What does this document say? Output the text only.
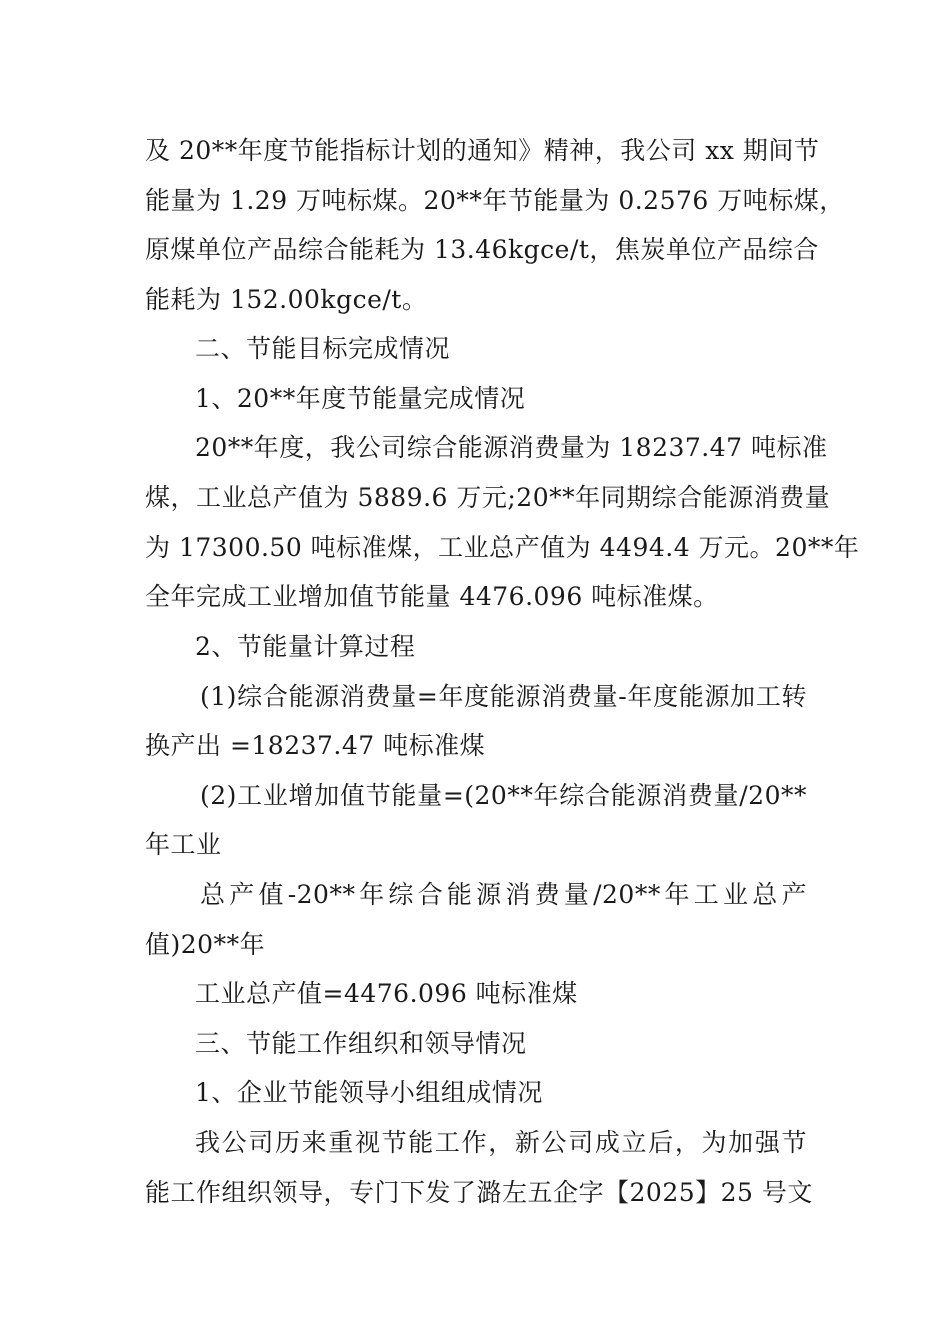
及 20**年度节能指标计划的通知》精神，我公司 xx 期间节
能量为 1.29 万吨标煤。20**年节能量为 0.2576 万吨标煤，
原煤单位产品综合能耗为 13.46kgce/t，焦炭单位产品综合
能耗为 152.00kgce/t。
二、节能目标完成情况
1、20**年度节能量完成情况
20**年度，我公司综合能源消费量为 18237.47 吨标准
煤，工业总产值为 5889.6 万元;20**年同期综合能源消费量
为 17300.50 吨标准煤，工业总产值为 4494.4 万元。20**年
全年完成工业增加值节能量 4476.096 吨标准煤。
2、节能量计算过程
(1)综合能源消费量=年度能源消费量-年度能源加工转
换产出 =18237.47 吨标准煤
(2)工业增加值节能量=(20**年综合能源消费量/20**
年工业
总产值-20**年综合能源消费量/20**年工业总产
值)20**年
工业总产值=4476.096 吨标准煤
三、节能工作组织和领导情况
1、企业节能领导小组组成情况
我公司历来重视节能工作，新公司成立后，为加强节
能工作组织领导，专门下发了潞左五企字【2025】25 号文
